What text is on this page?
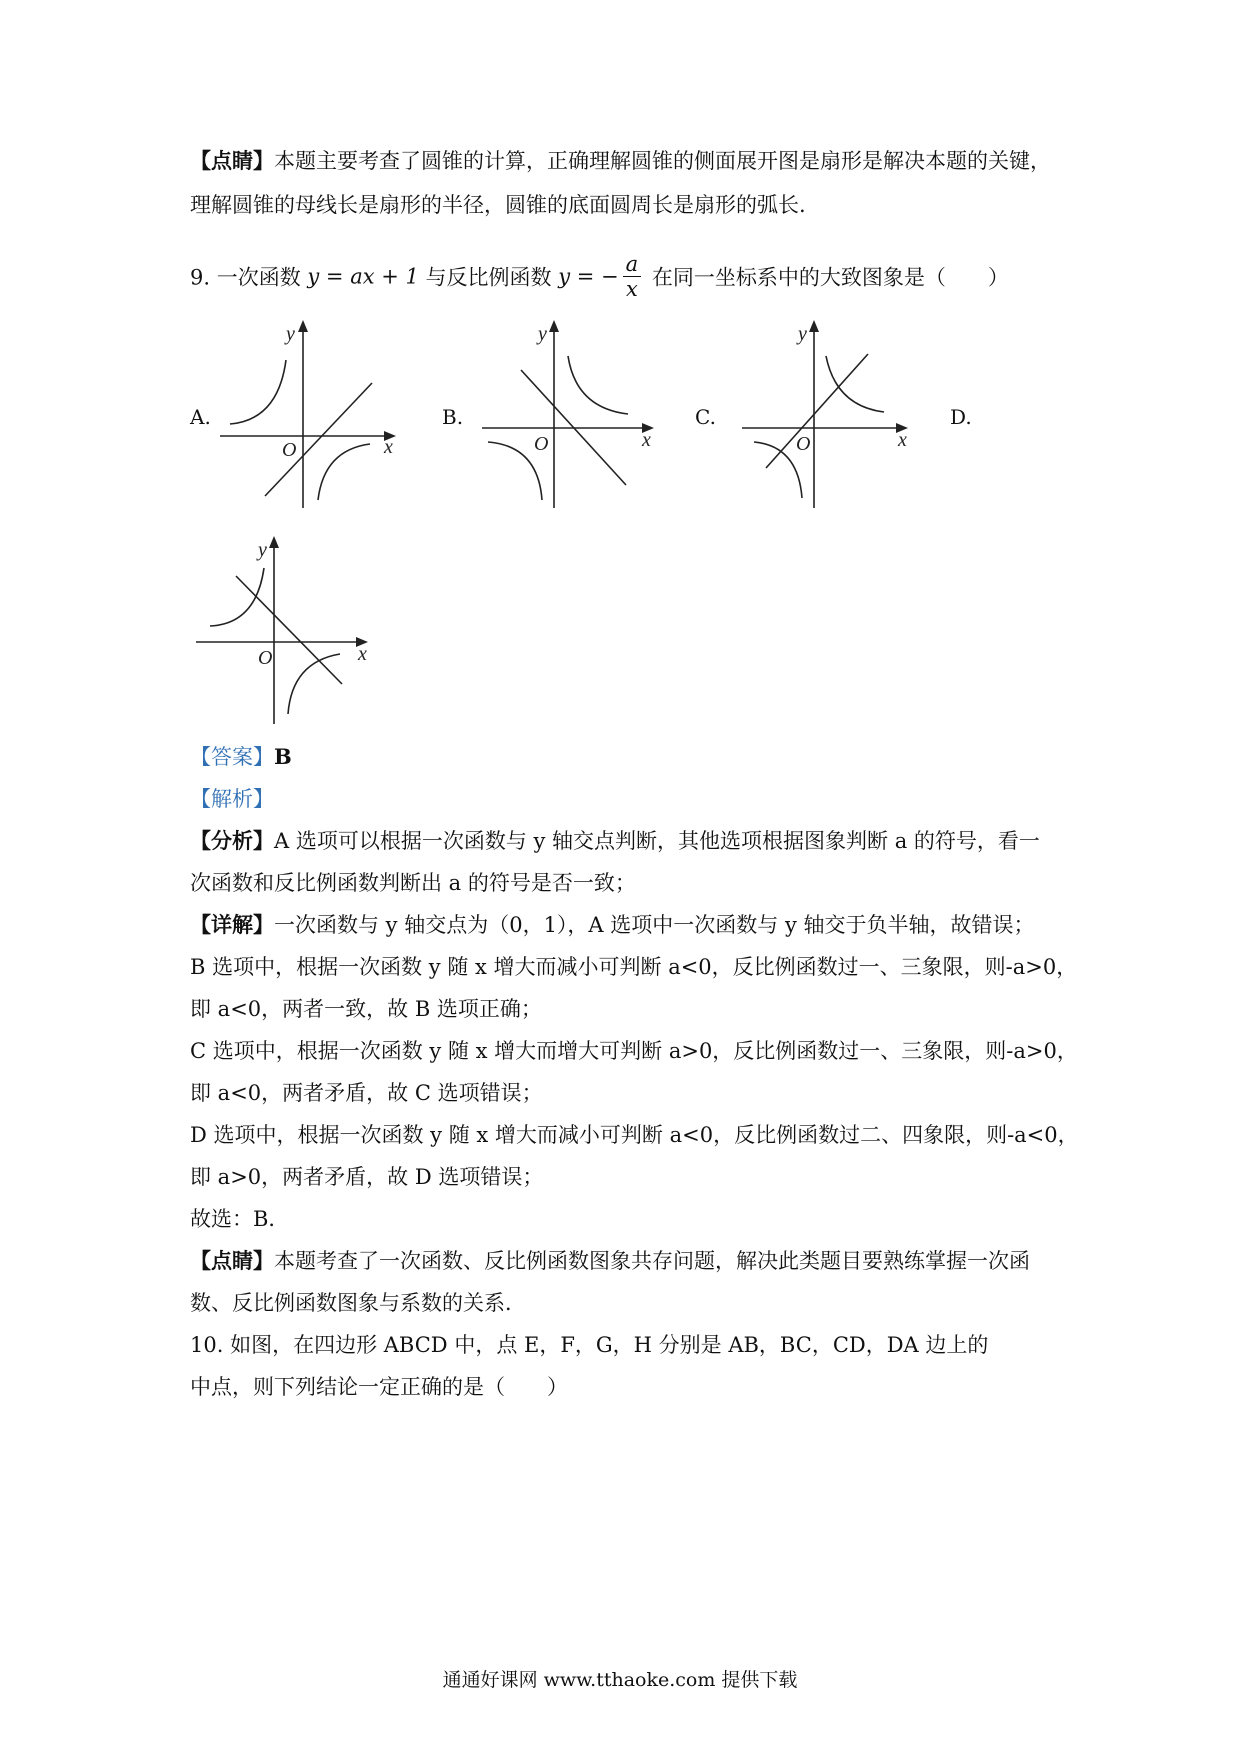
【点睛】本题主要考查了圆锥的计算，正确理解圆锥的侧面展开图是扇形是解决本题的关键，
理解圆锥的母线长是扇形的半径，圆锥的底面圆周长是扇形的弧长.
9. 一次函数 y = ax + 1 与反比例函数 y = − $\frac{a}{x}$ 在同一坐标系中的大致图象是（　　）
A.	B.	C.	D.
y
x
O
y
x
O
y
x
O
y
x
O
【答案】B
【解析】
【分析】A 选项可以根据一次函数与 y 轴交点判断，其他选项根据图象判断 a 的符号，看一
次函数和反比例函数判断出 a 的符号是否一致；
【详解】一次函数与 y 轴交点为（0，1），A 选项中一次函数与 y 轴交于负半轴，故错误；
B 选项中，根据一次函数 y 随 x 增大而减小可判断 a<0，反比例函数过一、三象限，则-a>0，
即 a<0，两者一致，故 B 选项正确；
C 选项中，根据一次函数 y 随 x 增大而增大可判断 a>0，反比例函数过一、三象限，则-a>0，
即 a<0，两者矛盾，故 C 选项错误；
D 选项中，根据一次函数 y 随 x 增大而减小可判断 a<0，反比例函数过二、四象限，则-a<0，
即 a>0，两者矛盾，故 D 选项错误；
故选：B．
【点睛】本题考查了一次函数、反比例函数图象共存问题，解决此类题目要熟练掌握一次函
数、反比例函数图象与系数的关系．
10. 如图，在四边形 ABCD 中，点 E，F，G，H 分别是 AB，BC，CD，DA 边上的
中点，则下列结论一定正确的是（　　）
通通好课网 www.tthaoke.com 提供下载
